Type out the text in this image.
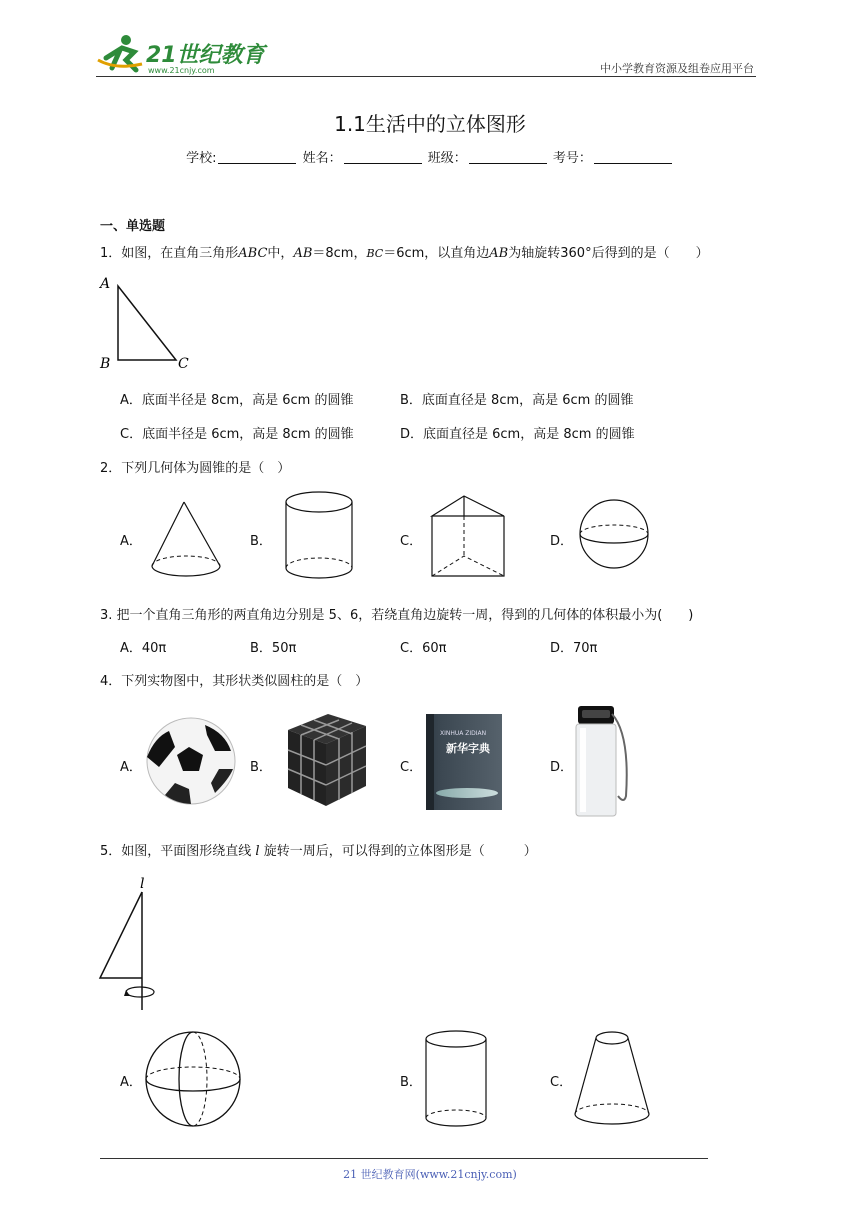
21世纪教育
www.21cnjy.com	中小学教育资源及组卷应用平台
1.1生活中的立体图形
学校:	姓名：	班级：	考号：
一、单选题
1．如图，在直角三角形ABC中，AB＝8cm，BC＝6cm，以直角边AB为轴旋转360°后得到的是（　　）
A
B	C
A．底面半径是 8cm，高是 6cm 的圆锥	B．底面直径是 8cm，高是 6cm 的圆锥
C．底面半径是 6cm，高是 8cm 的圆锥	D．底面直径是 6cm，高是 8cm 的圆锥
2．下列几何体为圆锥的是（　）
A．	B．	C．	D．
3. 把一个直角三角形的两直角边分别是 5、6，若绕直角边旋转一周，得到的几何体的体积最小为(　　)
A．40π	B．50π	C．60π	D．70π
4．下列实物图中，其形状类似圆柱的是（　）
A．	B．	C．
XINHUA ZIDIAN
新华字典
D．
5．如图，平面图形绕直线 l 旋转一周后，可以得到的立体图形是（　　　）
l
A．	B．	C．
21 世纪教育网(www.21cnjy.com)
